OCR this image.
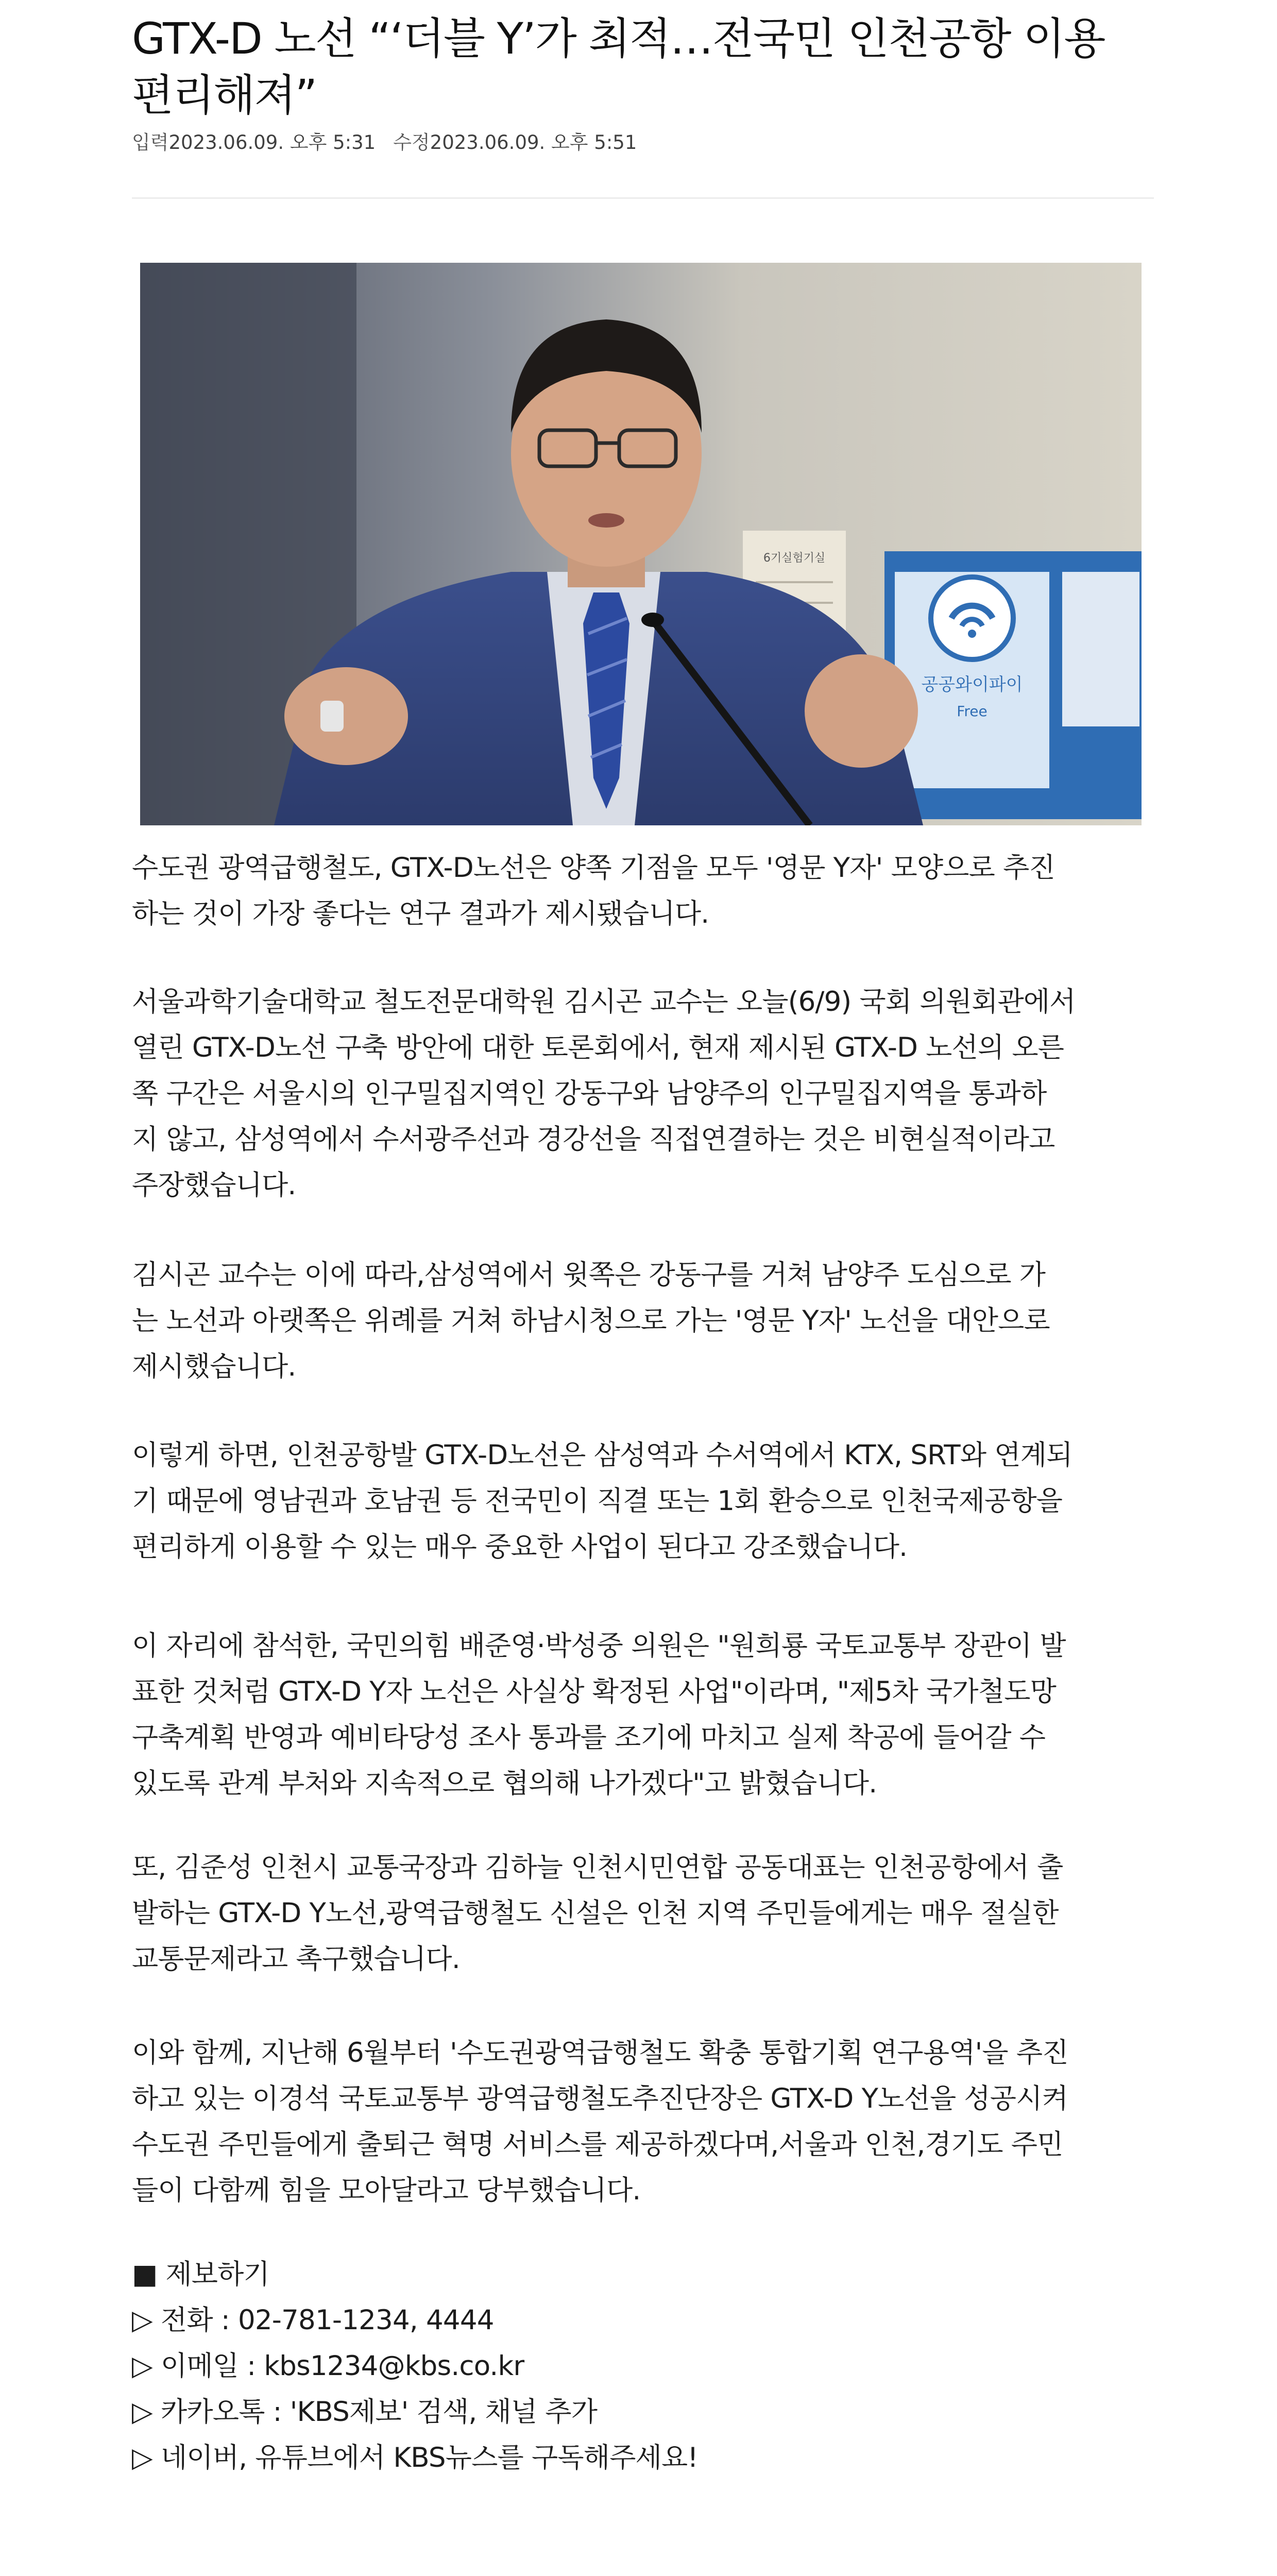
GTX-D 노선 “‘더블 Y’가 최적…전국민 인천공항 이용 편리해져”
입력2023.06.09. 오후 5:31 수정2023.06.09. 오후 5:51
6기실험기실
공공와이파이
Free

수도권 광역급행철도, GTX-D노선은 양쪽 기점을 모두 '영문 Y자' 모양으로 추진
하는 것이 가장 좋다는 연구 결과가 제시됐습니다.

서울과학기술대학교 철도전문대학원 김시곤 교수는 오늘(6/9) 국회 의원회관에서
열린 GTX-D노선 구축 방안에 대한 토론회에서, 현재 제시된 GTX-D 노선의 오른
쪽 구간은 서울시의 인구밀집지역인 강동구와 남양주의 인구밀집지역을 통과하
지 않고, 삼성역에서 수서광주선과 경강선을 직접연결하는 것은 비현실적이라고
주장했습니다.

김시곤 교수는 이에 따라,삼성역에서 윗쪽은 강동구를 거쳐 남양주 도심으로 가
는 노선과 아랫쪽은 위례를 거쳐 하남시청으로 가는 '영문 Y자' 노선을 대안으로
제시했습니다.

이렇게 하면, 인천공항발 GTX-D노선은 삼성역과 수서역에서 KTX, SRT와 연계되
기 때문에 영남권과 호남권 등 전국민이 직결 또는 1회 환승으로 인천국제공항을
편리하게 이용할 수 있는 매우 중요한 사업이 된다고 강조했습니다.

이 자리에 참석한, 국민의힘 배준영·박성중 의원은 "원희룡 국토교통부 장관이 발
표한 것처럼 GTX-D Y자 노선은 사실상 확정된 사업"이라며, "제5차 국가철도망
구축계획 반영과 예비타당성 조사 통과를 조기에 마치고 실제 착공에 들어갈 수
있도록 관계 부처와 지속적으로 협의해 나가겠다"고 밝혔습니다.

또, 김준성 인천시 교통국장과 김하늘 인천시민연합 공동대표는 인천공항에서 출
발하는 GTX-D Y노선,광역급행철도 신설은 인천 지역 주민들에게는 매우 절실한
교통문제라고 촉구했습니다.

이와 함께, 지난해 6월부터 '수도권광역급행철도 확충 통합기획 연구용역'을 추진
하고 있는 이경석 국토교통부 광역급행철도추진단장은 GTX-D Y노선을 성공시켜
수도권 주민들에게 출퇴근 혁명 서비스를 제공하겠다며,서울과 인천,경기도 주민
들이 다함께 힘을 모아달라고 당부했습니다.

■ 제보하기
▷ 전화 : 02-781-1234, 4444
▷ 이메일 : kbs1234@kbs.co.kr
▷ 카카오톡 : 'KBS제보' 검색, 채널 추가
▷ 네이버, 유튜브에서 KBS뉴스를 구독해주세요!
